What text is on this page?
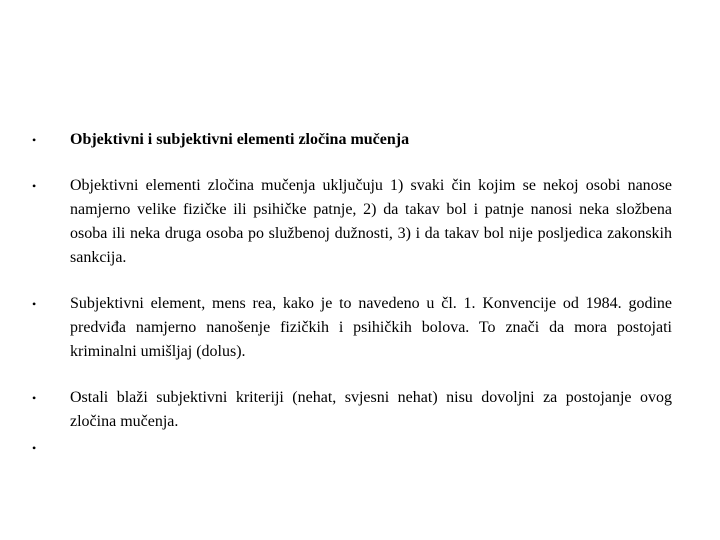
•	Objektivni i subjektivni elementi zločina mučenja
•	Objektivni elementi zločina mučenja uključuju 1) svaki čin kojim se nekoj osobi nanose namjerno velike fizičke ili psihičke patnje, 2) da takav bol i patnje nanosi neka složbena osoba ili neka druga osoba po službenoj dužnosti, 3) i da takav bol nije posljedica zakonskih sankcija.
•	Subjektivni element, mens rea, kako je to navedeno u čl. 1. Konvencije od 1984. godine predviđa namjerno nanošenje fizičkih i psihičkih bolova. To znači da mora postojati kriminalni umišljaj (dolus).
•	Ostali blaži subjektivni kriteriji (nehat, svjesni nehat) nisu dovoljni za postojanje ovog zločina mučenja.
•
